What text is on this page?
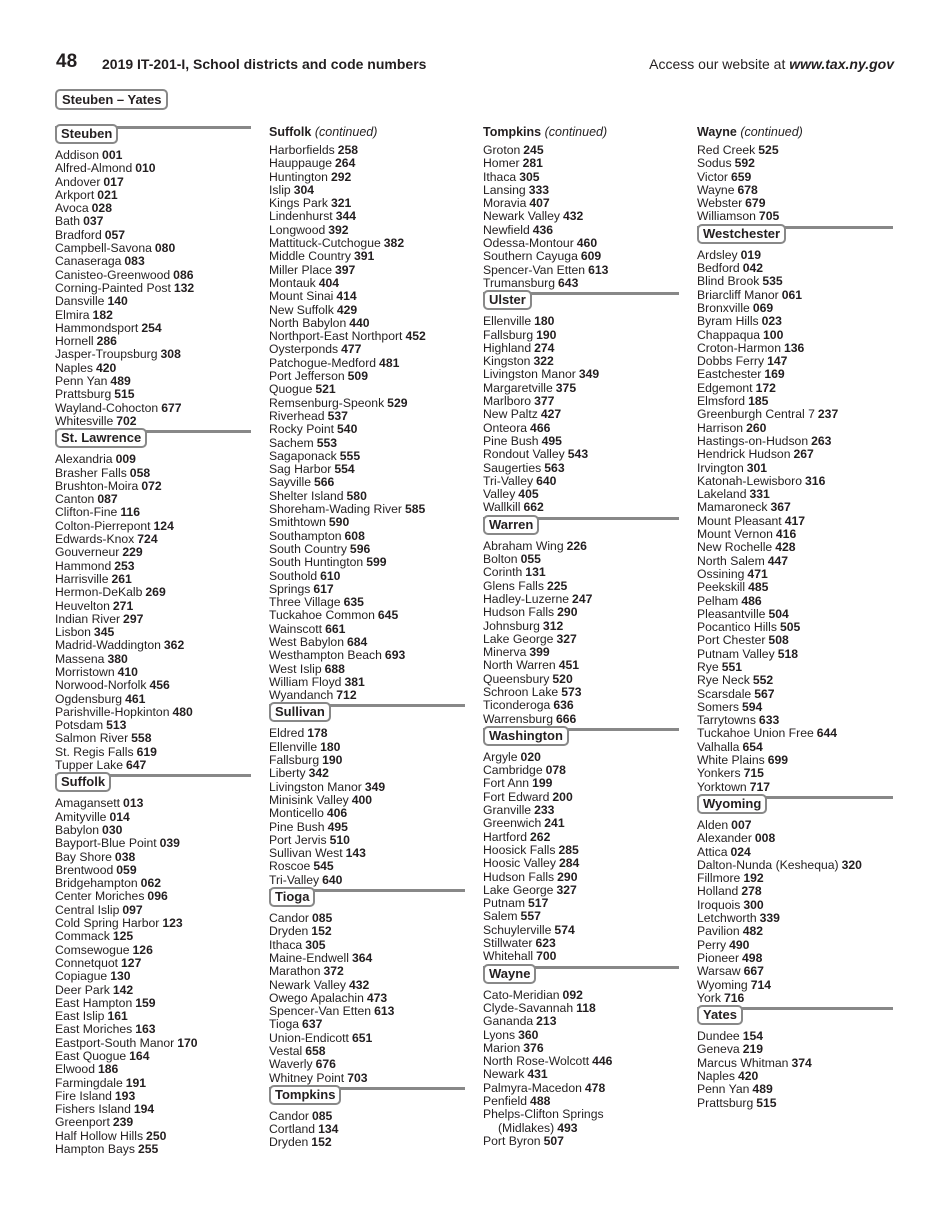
48 2019 IT-201-I, School districts and code numbers	Access our website at www.tax.ny.gov
Steuben – Yates
Steuben
Addison 001
Alfred-Almond 010
Andover 017
Arkport 021
Avoca 028
Bath 037
Bradford 057
Campbell-Savona 080
Canaseraga 083
Canisteo-Greenwood 086
Corning-Painted Post 132
Dansville 140
Elmira 182
Hammondsport 254
Hornell 286
Jasper-Troupsburg 308
Naples 420
Penn Yan 489
Prattsburg 515
Wayland-Cohocton 677
Whitesville 702
St. Lawrence
Alexandria 009
Brasher Falls 058
Brushton-Moira 072
Canton 087
Clifton-Fine 116
Colton-Pierrepont 124
Edwards-Knox 724
Gouverneur 229
Hammond 253
Harrisville 261
Hermon-DeKalb 269
Heuvelton 271
Indian River 297
Lisbon 345
Madrid-Waddington 362
Massena 380
Morristown 410
Norwood-Norfolk 456
Ogdensburg 461
Parishville-Hopkinton 480
Potsdam 513
Salmon River 558
St. Regis Falls 619
Tupper Lake 647
Suffolk
Amagansett 013
Amityville 014
Babylon 030
Bayport-Blue Point 039
Bay Shore 038
Brentwood 059
Bridgehampton 062
Center Moriches 096
Central Islip 097
Cold Spring Harbor 123
Commack 125
Comsewogue 126
Connetquot 127
Copiague 130
Deer Park 142
East Hampton 159
East Islip 161
East Moriches 163
Eastport-South Manor 170
East Quogue 164
Elwood 186
Farmingdale 191
Fire Island 193
Fishers Island 194
Greenport 239
Half Hollow Hills 250
Hampton Bays 255
Suffolk (continued)
Harborfields 258
Hauppauge 264
Huntington 292
Islip 304
Kings Park 321
Lindenhurst 344
Longwood 392
Mattituck-Cutchogue 382
Middle Country 391
Miller Place 397
Montauk 404
Mount Sinai 414
New Suffolk 429
North Babylon 440
Northport-East Northport 452
Oysterponds 477
Patchogue-Medford 481
Port Jefferson 509
Quogue 521
Remsenburg-Speonk 529
Riverhead 537
Rocky Point 540
Sachem 553
Sagaponack 555
Sag Harbor 554
Sayville 566
Shelter Island 580
Shoreham-Wading River 585
Smithtown 590
Southampton 608
South Country 596
South Huntington 599
Southold 610
Springs 617
Three Village 635
Tuckahoe Common 645
Wainscott 661
West Babylon 684
Westhampton Beach 693
West Islip 688
William Floyd 381
Wyandanch 712
Sullivan
Eldred 178
Ellenville 180
Fallsburg 190
Liberty 342
Livingston Manor 349
Minisink Valley 400
Monticello 406
Pine Bush 495
Port Jervis 510
Sullivan West 143
Roscoe 545
Tri-Valley 640
Tioga
Candor 085
Dryden 152
Ithaca 305
Maine-Endwell 364
Marathon 372
Newark Valley 432
Owego Apalachin 473
Spencer-Van Etten 613
Tioga 637
Union-Endicott 651
Vestal 658
Waverly 676
Whitney Point 703
Tompkins
Candor 085
Cortland 134
Dryden 152
Tompkins (continued)
Groton 245
Homer 281
Ithaca 305
Lansing 333
Moravia 407
Newark Valley 432
Newfield 436
Odessa-Montour 460
Southern Cayuga 609
Spencer-Van Etten 613
Trumansburg 643
Ulster
Ellenville 180
Fallsburg 190
Highland 274
Kingston 322
Livingston Manor 349
Margaretville 375
Marlboro 377
New Paltz 427
Onteora 466
Pine Bush 495
Rondout Valley 543
Saugerties 563
Tri-Valley 640
Valley 405
Wallkill 662
Warren
Abraham Wing 226
Bolton 055
Corinth 131
Glens Falls 225
Hadley-Luzerne 247
Hudson Falls 290
Johnsburg 312
Lake George 327
Minerva 399
North Warren 451
Queensbury 520
Schroon Lake 573
Ticonderoga 636
Warrensburg 666
Washington
Argyle 020
Cambridge 078
Fort Ann 199
Fort Edward 200
Granville 233
Greenwich 241
Hartford 262
Hoosick Falls 285
Hoosic Valley 284
Hudson Falls 290
Lake George 327
Putnam 517
Salem 557
Schuylerville 574
Stillwater 623
Whitehall 700
Wayne
Cato-Meridian 092
Clyde-Savannah 118
Gananda 213
Lyons 360
Marion 376
North Rose-Wolcott 446
Newark 431
Palmyra-Macedon 478
Penfield 488
Phelps-Clifton Springs
(Midlakes) 493
Port Byron 507
Wayne (continued)
Red Creek 525
Sodus 592
Victor 659
Wayne 678
Webster 679
Williamson 705
Westchester
Ardsley 019
Bedford 042
Blind Brook 535
Briarcliff Manor 061
Bronxville 069
Byram Hills 023
Chappaqua 100
Croton-Harmon 136
Dobbs Ferry 147
Eastchester 169
Edgemont 172
Elmsford 185
Greenburgh Central 7 237
Harrison 260
Hastings-on-Hudson 263
Hendrick Hudson 267
Irvington 301
Katonah-Lewisboro 316
Lakeland 331
Mamaroneck 367
Mount Pleasant 417
Mount Vernon 416
New Rochelle 428
North Salem 447
Ossining 471
Peekskill 485
Pelham 486
Pleasantville 504
Pocantico Hills 505
Port Chester 508
Putnam Valley 518
Rye 551
Rye Neck 552
Scarsdale 567
Somers 594
Tarrytowns 633
Tuckahoe Union Free 644
Valhalla 654
White Plains 699
Yonkers 715
Yorktown 717
Wyoming
Alden 007
Alexander 008
Attica 024
Dalton-Nunda (Keshequa) 320
Fillmore 192
Holland 278
Iroquois 300
Letchworth 339
Pavilion 482
Perry 490
Pioneer 498
Warsaw 667
Wyoming 714
York 716
Yates
Dundee 154
Geneva 219
Marcus Whitman 374
Naples 420
Penn Yan 489
Prattsburg 515
